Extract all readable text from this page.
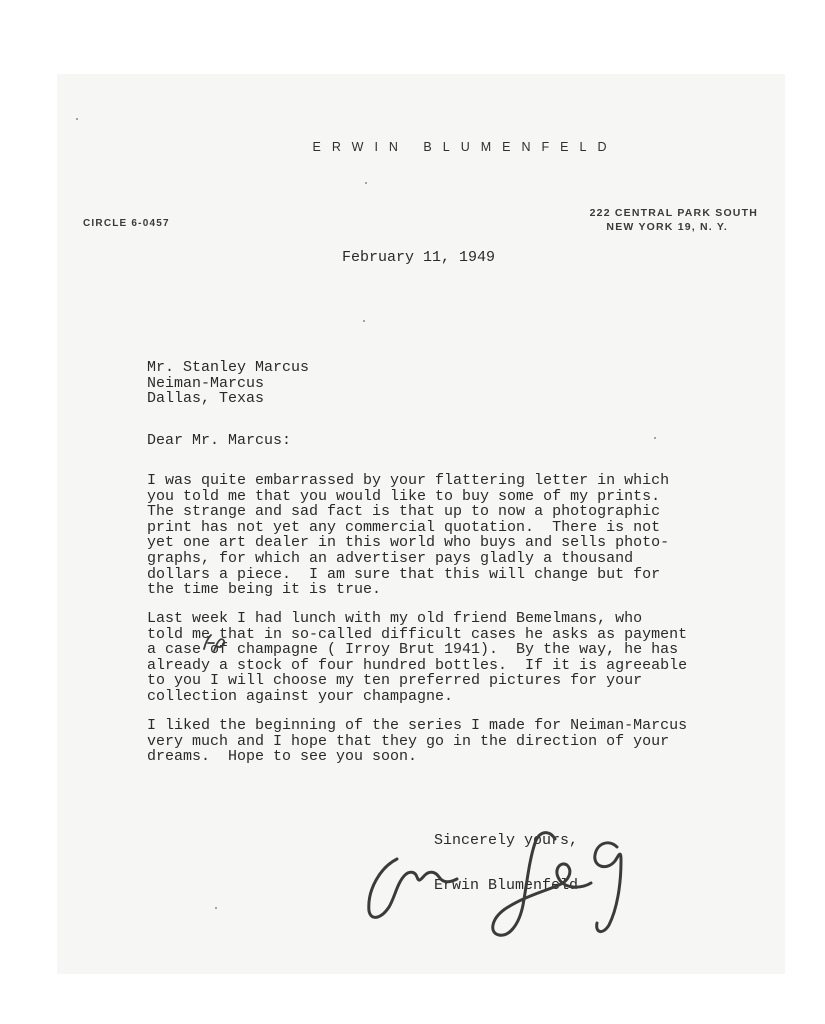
ERWIN BLUMENFELD
CIRCLE 6-0457
222 CENTRAL PARK SOUTH
NEW YORK 19, N. Y.
February 11, 1949
Mr. Stanley Marcus
Neiman-Marcus
Dallas, Texas
Dear Mr. Marcus:
I was quite embarrassed by your flattering letter in which
you told me that you would like to buy some of my prints.
The strange and sad fact is that up to now a photographic
print has not yet any commercial quotation.  There is not
yet one art dealer in this world who buys and sells photo-
graphs, for which an advertiser pays gladly a thousand
dollars a piece.  I am sure that this will change but for
the time being it is true.
Last week I had lunch with my old friend Bemelmans, who
told me that in so-called difficult cases he asks as payment
a case of champagne ( Irroy Brut 1941).  By the way, he has
already a stock of four hundred bottles.  If it is agreeable
to you I will choose my ten preferred pictures for your
collection against your champagne.
I liked the beginning of the series I made for Neiman-Marcus
very much and I hope that they go in the direction of your
dreams.  Hope to see you soon.
Sincerely yours,
Erwin Blumenfeld
